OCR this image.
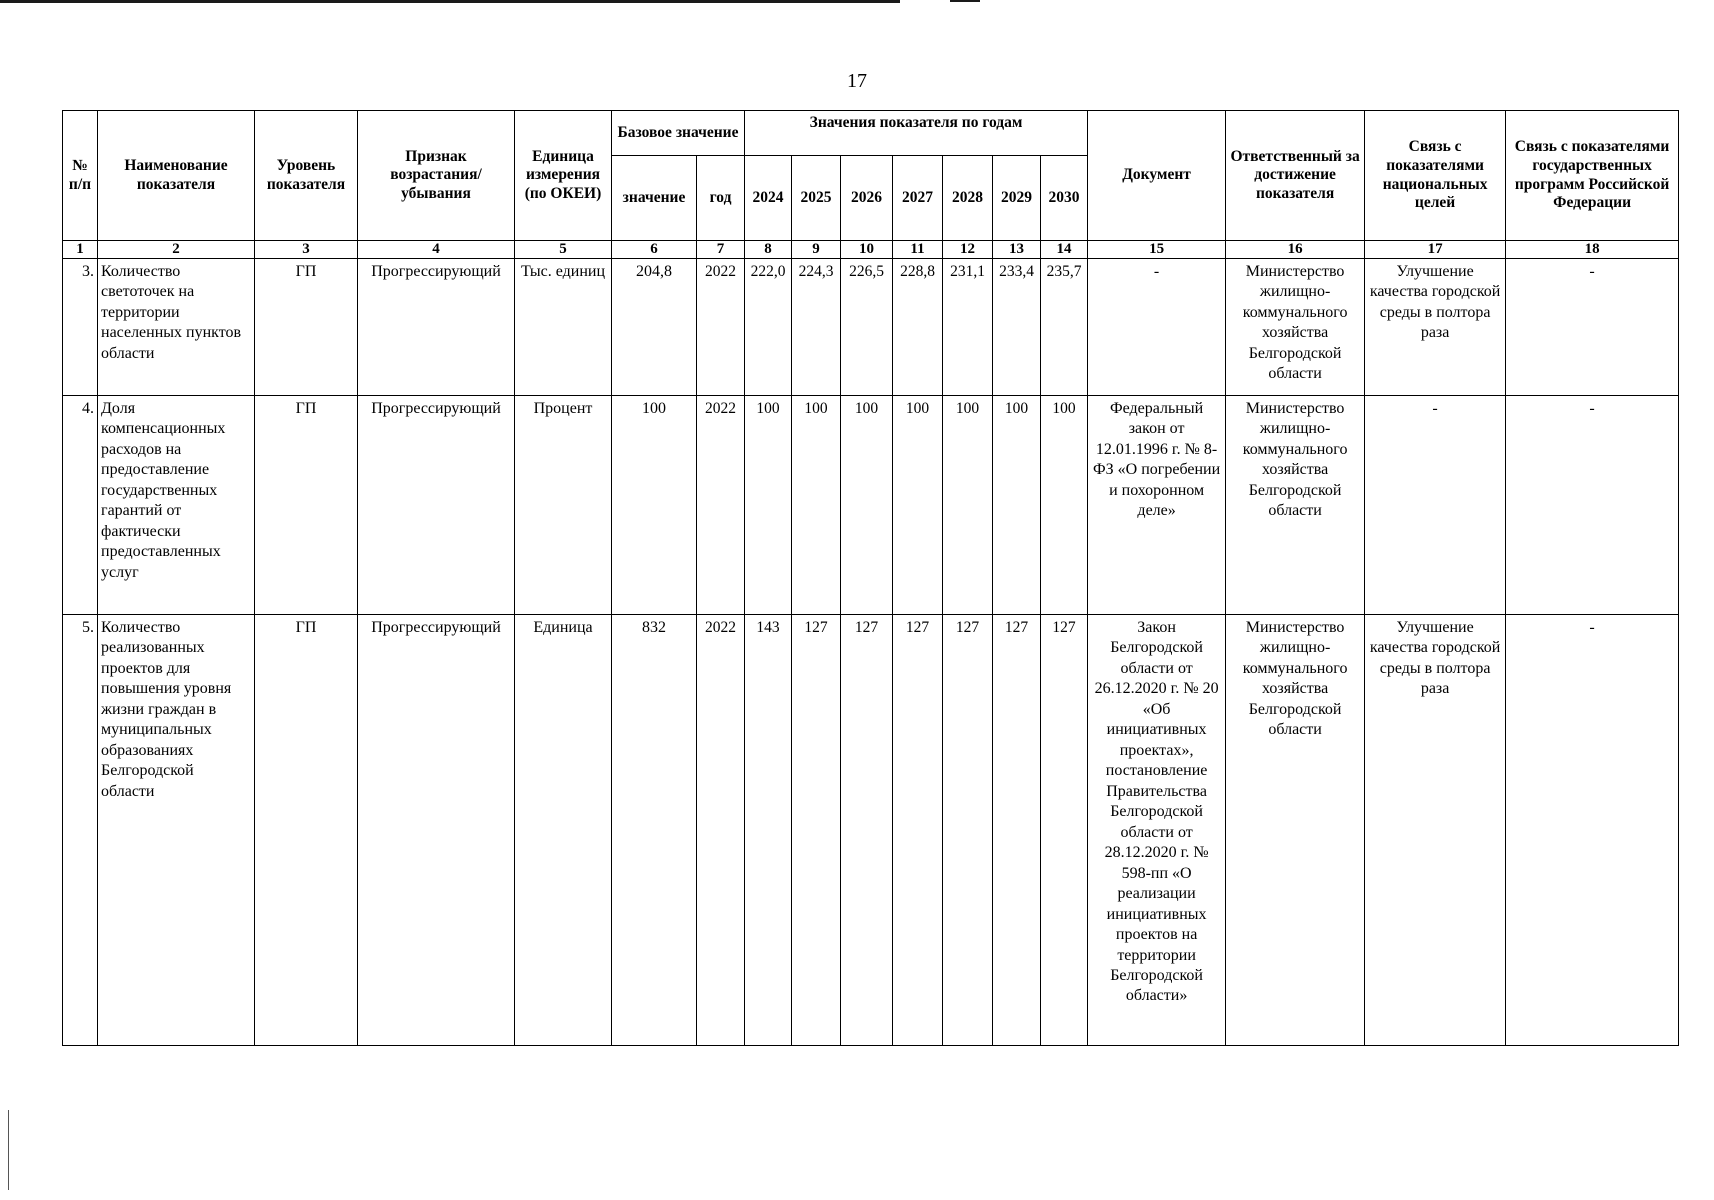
17
№ п/п	Наименование показателя	Уровень показателя	Признак возрастания/ убывания	Единица измерения (по ОКЕИ)	Базовое значение		Значения показателя по годам							Документ	Ответственный за достижение показателя	Связь с показателями национальных целей	Связь с показателями государственных программ Российской Федерации
					значение	год	2024	2025	2026	2027	2028	2029	2030				
1	2	3	4	5	6	7	8	9	10	11	12	13	14	15	16	17	18
3.	Количество светоточек на территории населенных пунктов области	ГП	Прогрессирующий	Тыс. единиц	204,8	2022	222,0	224,3	226,5	228,8	231,1	233,4	235,7	-	Министерство жилищно-коммунального хозяйства Белгородской области	Улучшение качества городской среды в полтора раза	-
4.	Доля компенсационных расходов на предоставление государственных гарантий от фактически предоставленных услуг	ГП	Прогрессирующий	Процент	100	2022	100	100	100	100	100	100	100	Федеральный закон от 12.01.1996 г. № 8-ФЗ «О погребении и похоронном деле»	Министерство жилищно-коммунального хозяйства Белгородской области	-	-
5.	Количество реализованных проектов для повышения уровня жизни граждан в муниципальных образованиях Белгородской области	ГП	Прогрессирующий	Единица	832	2022	143	127	127	127	127	127	127	Закон Белгородской области от 26.12.2020 г. № 20 «Об инициативных проектах», постановление Правительства Белгородской области от 28.12.2020 г. № 598-пп «О реализации инициативных проектов на территории Белгородской области»	Министерство жилищно-коммунального хозяйства Белгородской области	Улучшение качества городской среды в полтора раза	-
